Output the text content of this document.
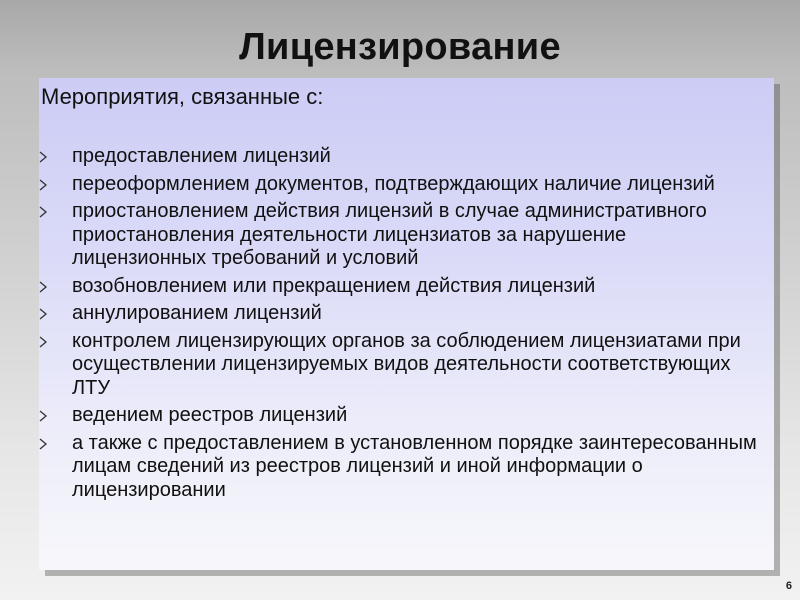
Лицензирование
Мероприятия, связанные с:
предоставлением лицензий
переоформлением документов, подтверждающих наличие лицензий
приостановлением действия лицензий в случае административного приостановления деятельности лицензиатов за нарушение лицензионных требований и условий
возобновлением или прекращением действия лицензий
аннулированием лицензий
контролем лицензирующих органов за соблюдением лицензиатами при осуществлении лицензируемых видов деятельности соответствующих ЛТУ
ведением реестров лицензий
а также с предоставлением в установленном порядке заинтересованным лицам сведений из реестров лицензий и иной информации о лицензировании
6
